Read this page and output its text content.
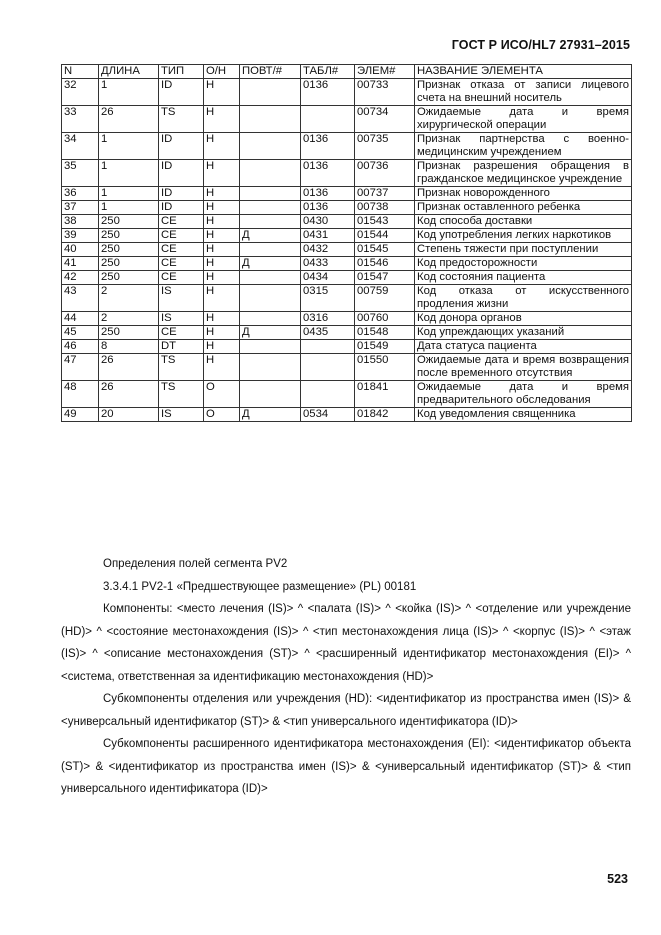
ГОСТ Р ИСО/HL7 27931–2015
N	ДЛИНА	ТИП	О/Н	ПОВТ/#	ТАБЛ#	ЭЛЕМ#	НАЗВАНИЕ ЭЛЕМЕНТА
32	1	ID	Н		0136	00733	Признак отказа от записи лицевого счета на внешний носитель
33	26	TS	Н			00734	Ожидаемые дата и время хирургической операции
34	1	ID	Н		0136	00735	Признак партнерства с военно-медицинским учреждением
35	1	ID	Н		0136	00736	Признак разрешения обращения в гражданское медицинское учреждение
36	1	ID	Н		0136	00737	Признак новорожденного
37	1	ID	Н		0136	00738	Признак оставленного ребенка
38	250	CE	Н		0430	01543	Код способа доставки
39	250	CE	Н	Д	0431	01544	Код употребления легких наркотиков
40	250	CE	Н		0432	01545	Степень тяжести при поступлении
41	250	CE	Н	Д	0433	01546	Код предосторожности
42	250	CE	Н		0434	01547	Код состояния пациента
43	2	IS	Н		0315	00759	Код отказа от искусственного продления жизни
44	2	IS	Н		0316	00760	Код донора органов
45	250	CE	Н	Д	0435	01548	Код упреждающих указаний
46	8	DT	Н			01549	Дата статуса пациента
47	26	TS	Н			01550	Ожидаемые дата и время возвращения после временного отсутствия
48	26	TS	О			01841	Ожидаемые дата и время предварительного обследования
49	20	IS	О	Д	0534	01842	Код уведомления священника

Определения полей сегмента PV2

3.3.4.1 PV2-1 «Предшествующее размещение» (PL) 00181

Компоненты: <место лечения (IS)> ^ <палата (IS)> ^ <койка (IS)> ^ <отделение или учреждение (HD)> ^ <состояние местонахождения (IS)> ^ <тип местонахождения лица (IS)> ^ <корпус (IS)> ^ <этаж (IS)> ^ <описание местонахождения (ST)> ^ <расширенный идентификатор местонахождения (EI)> ^ <система, ответственная за идентификацию местонахождения (HD)>

Субкомпоненты отделения или учреждения (HD): <идентификатор из пространства имен (IS)> & <универсальный идентификатор (ST)> & <тип универсального идентификатора (ID)>

Субкомпоненты расширенного идентификатора местонахождения (EI): <идентификатор объекта (ST)> & <идентификатор из пространства имен (IS)> & <универсальный идентификатор (ST)> & <тип универсального идентификатора (ID)>

523
